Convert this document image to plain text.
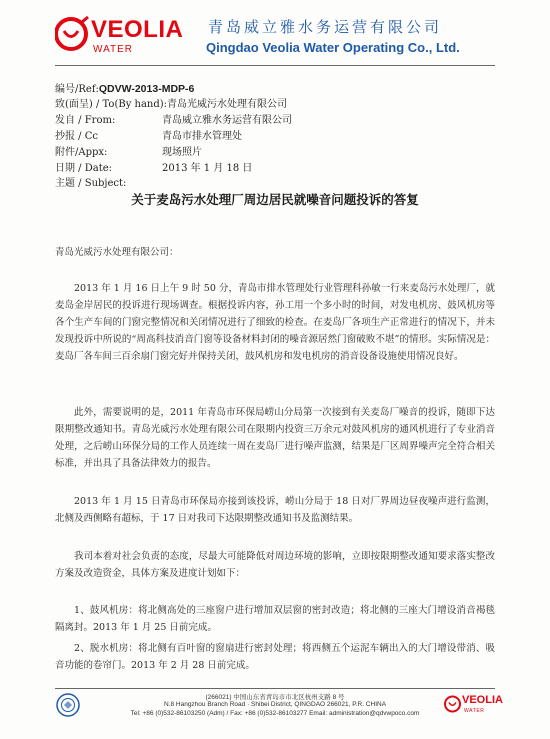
VEOLIA
WATER
青岛威立雅水务运营有限公司
Qingdao Veolia Water Operating Co., Ltd.
编号/Ref:QDVW-2013-MDP-6
致(面呈) / To(By hand):青岛光威污水处理有限公司
发自 / From:	青岛威立雅水务运营有限公司
抄报 / Cc	青岛市排水管理处
附件/Appx:	现场照片
日期 / Date:	2013 年 1 月 18 日
主题 / Subject:
关于麦岛污水处理厂周边居民就噪音问题投诉的答复
青岛光威污水处理有限公司：
2013 年 1 月 16 日上午 9 时 50 分，青岛市排水管理处行业管理科孙敏一行来麦岛污水处理厂，就麦岛金岸居民的投诉进行现场调查。根据投诉内容，孙工用一个多小时的时间，对发电机房、鼓风机房等各个生产车间的门窗完整情况和关闭情况进行了细致的检查。在麦岛厂各项生产正常进行的情况下，并未发现投诉中所说的“周高科技消音门窗等设备材料封闭的噪音源居然门窗破败不堪”的情形。实际情况是：麦岛厂各车间三百余扇门窗完好并保持关闭，鼓风机房和发电机房的消音设备设施使用情况良好。
此外，需要说明的是，2011 年青岛市环保局崂山分局第一次接到有关麦岛厂噪音的投诉，随即下达限期整改通知书。青岛光威污水处理有限公司在限期内投资三万余元对鼓风机房的通风机进行了专业消音处理，之后崂山环保分局的工作人员连续一周在麦岛厂进行噪声监测，结果是厂区周界噪声完全符合相关标准，并出具了具备法律效力的报告。
2013 年 1 月 15 日青岛市环保局亦接到该投诉，崂山分局于 18 日对厂界周边昼夜噪声进行监测，北侧及西侧略有超标，于 17 日对我司下达限期整改通知书及监测结果。
我司本着对社会负责的态度，尽最大可能降低对周边环境的影响，立即按限期整改通知要求落实整改方案及改造资金，具体方案及进度计划如下：
1、鼓风机房：将北侧高处的三座窗户进行增加双层窗的密封改造；将北侧的三座大门增设消音褐毯隔离封。2013 年 1 月 25 日前完成。
2、脱水机房：将北侧有百叶窗的窗扇进行密封处理；将西侧五个运泥车辆出入的大门增设带消、吸音功能的卷帘门。2013 年 2 月 28 日前完成。
(266021) 中国山东省青岛市市北区杭州支路 8 号
N.8 Hangzhou Branch Road · Shibei District, QINGDAO 266021, P.R. CHINA
Tel: +86 (0)532-86103250 (Adm) / Fax: +86 (0)532-86103277 Email: administration@qdvwpoco.com
VEOLIA
WATER
